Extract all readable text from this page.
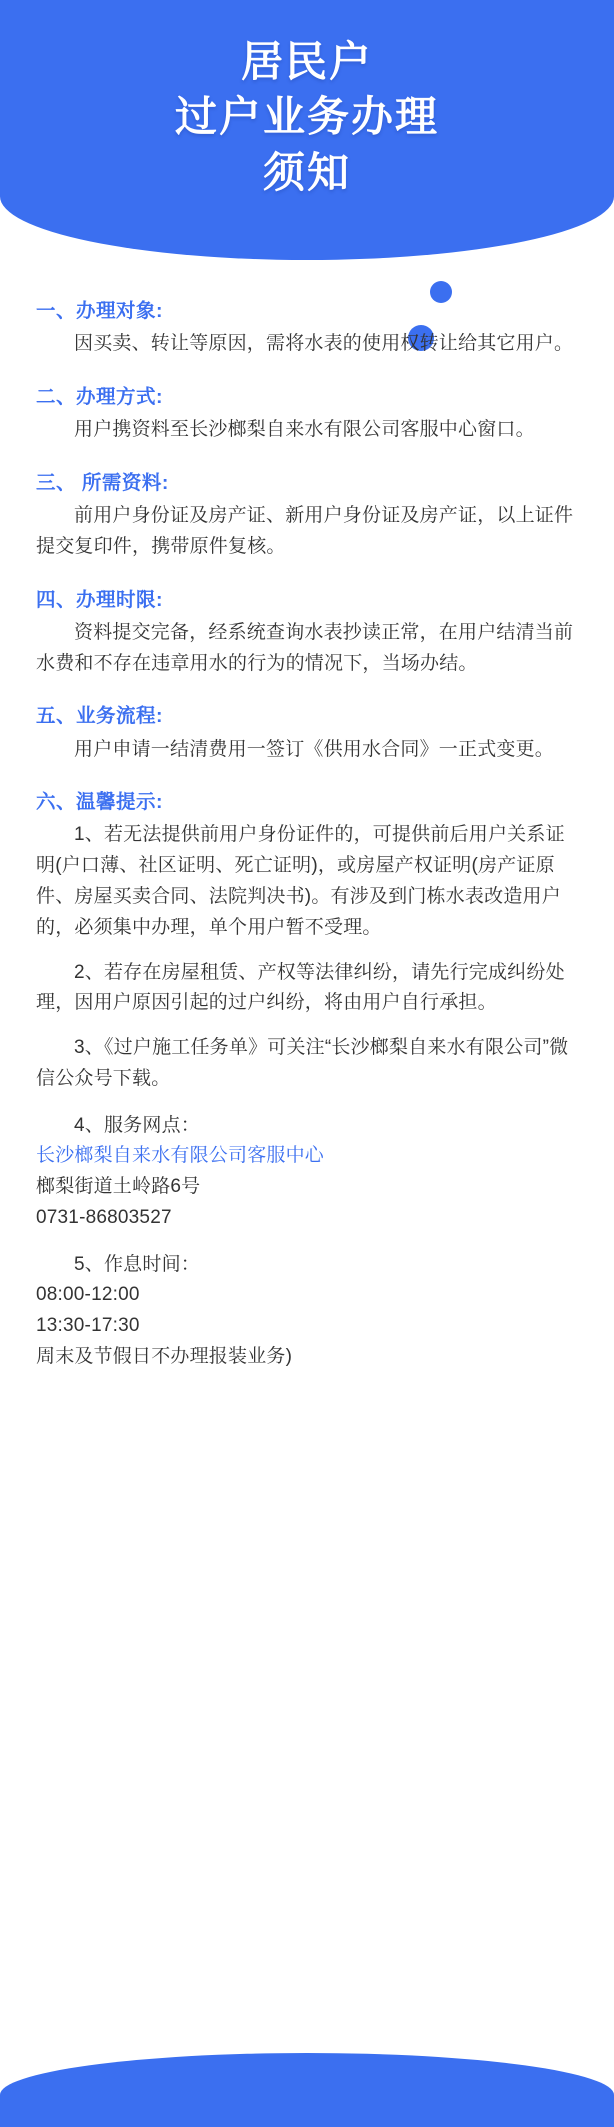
居民户
过户业务办理
须知
一、办理对象:

因买卖、转让等原因，需将水表的使用权转让给其它用户。

二、办理方式:

用户携资料至长沙榔梨自来水有限公司客服中心窗口。

三、 所需资料:

前用户身份证及房产证、新用户身份证及房产证，以上证件提交复印件，携带原件复核。

四、办理时限:

资料提交完备，经系统查询水表抄读正常，在用户结清当前水费和不存在违章用水的行为的情况下，当场办结。

五、业务流程:

用户申请一结清费用一签订《供用水合同》一正式变更。

六、温馨提示:

1、若无法提供前用户身份证件的，可提供前后用户关系证明(户口薄、社区证明、死亡证明)，或房屋产权证明(房产证原件、房屋买卖合同、法院判决书)。有涉及到门栋水表改造用户的，必须集中办理，单个用户暂不受理。

2、若存在房屋租赁、产权等法律纠纷，请先行完成纠纷处理，因用户原因引起的过户纠纷，将由用户自行承担。

3、《过户施工任务单》可关注“长沙榔梨自来水有限公司”微信公众号下载。

4、服务网点：

长沙榔梨自来水有限公司客服中心

榔梨街道土岭路6号

0731-86803527

5、作息时间：

08:00-12:00

13:30-17:30

周末及节假日不办理报装业务)
